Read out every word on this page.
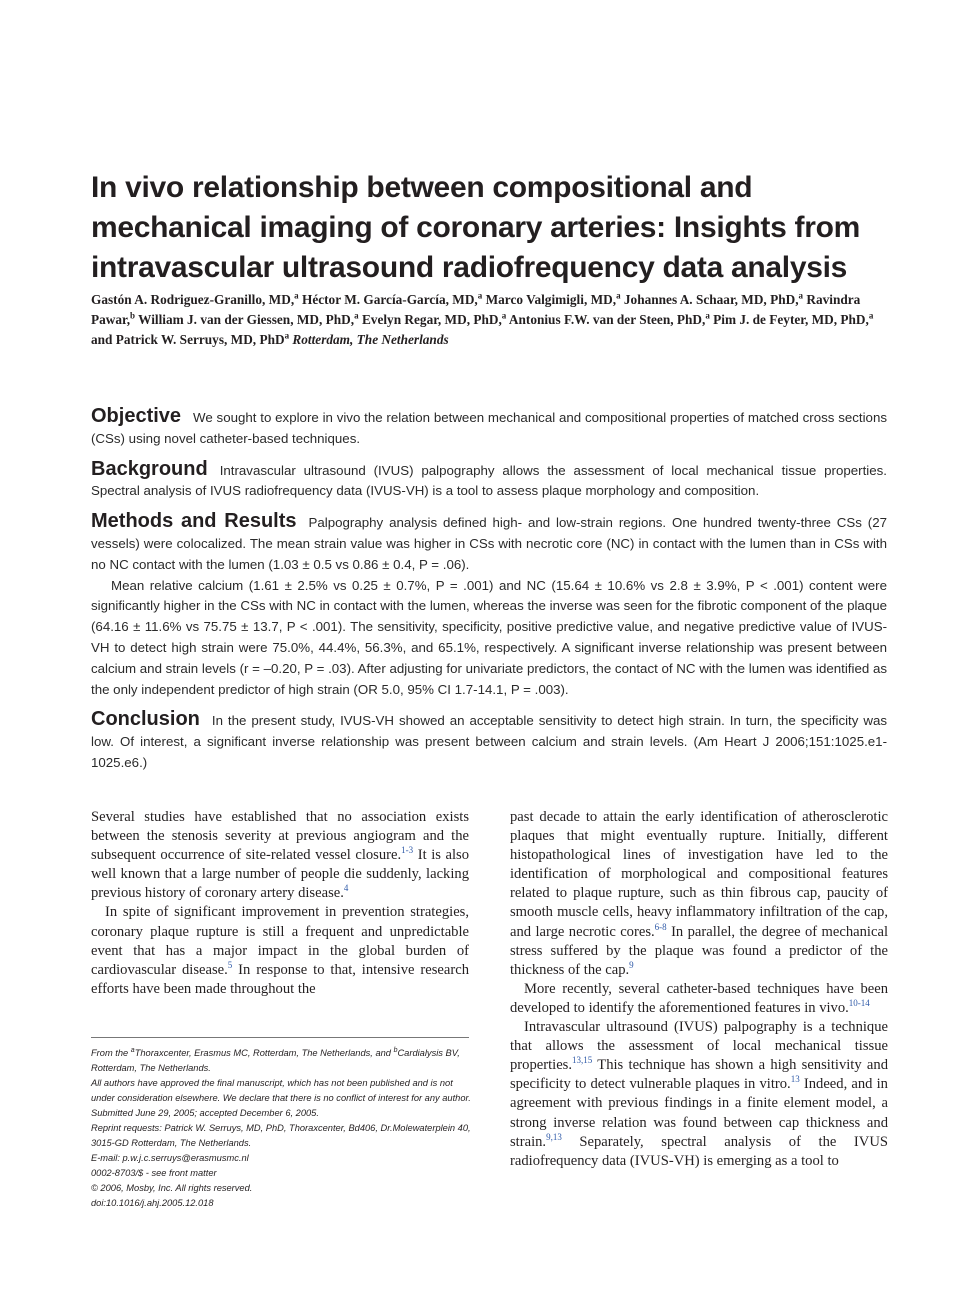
In vivo relationship between compositional and mechanical imaging of coronary arteries: Insights from intravascular ultrasound radiofrequency data analysis

Gastón A. Rodriguez-Granillo, MD,$^a$ Héctor M. García-García, MD,$^a$ Marco Valgimigli, MD,$^a$ Johannes A. Schaar, MD, PhD,$^a$ Ravindra Pawar,$^b$ William J. van der Giessen, MD, PhD,$^a$ Evelyn Regar, MD, PhD,$^a$ Antonius F.W. van der Steen, PhD,$^a$ Pim J. de Feyter, MD, PhD,$^a$ and Patrick W. Serruys, MD, PhD$^a$ Rotterdam, The Netherlands

Objective We sought to explore in vivo the relation between mechanical and compositional properties of matched cross sections (CSs) using novel catheter-based techniques.

Background Intravascular ultrasound (IVUS) palpography allows the assessment of local mechanical tissue properties. Spectral analysis of IVUS radiofrequency data (IVUS-VH) is a tool to assess plaque morphology and composition.

Methods and Results Palpography analysis defined high- and low-strain regions. One hundred twenty-three CSs (27 vessels) were colocalized. The mean strain value was higher in CSs with necrotic core (NC) in contact with the lumen than in CSs with no NC contact with the lumen (1.03 ± 0.5 vs 0.86 ± 0.4, P = .06).

Mean relative calcium (1.61 ± 2.5% vs 0.25 ± 0.7%, P = .001) and NC (15.64 ± 10.6% vs 2.8 ± 3.9%, P < .001) content were significantly higher in the CSs with NC in contact with the lumen, whereas the inverse was seen for the fibrotic component of the plaque (64.16 ± 11.6% vs 75.75 ± 13.7, P < .001). The sensitivity, specificity, positive predictive value, and negative predictive value of IVUS-VH to detect high strain were 75.0%, 44.4%, 56.3%, and 65.1%, respectively. A significant inverse relationship was present between calcium and strain levels (r = –0.20, P = .03). After adjusting for univariate predictors, the contact of NC with the lumen was identified as the only independent predictor of high strain (OR 5.0, 95% CI 1.7-14.1, P = .003).

Conclusion In the present study, IVUS-VH showed an acceptable sensitivity to detect high strain. In turn, the specificity was low. Of interest, a significant inverse relationship was present between calcium and strain levels. (Am Heart J 2006;151:1025.e1-1025.e6.)

Several studies have established that no association exists between the stenosis severity at previous angiogram and the subsequent occurrence of site-related vessel closure.$^{1-3}$ It is also well known that a large number of people die suddenly, lacking previous history of coronary artery disease.$^4$

In spite of significant improvement in prevention strategies, coronary plaque rupture is still a frequent and unpredictable event that has a major impact in the global burden of cardiovascular disease.$^5$ In response to that, intensive research efforts have been made throughout the

past decade to attain the early identification of atherosclerotic plaques that might eventually rupture. Initially, different histopathological lines of investigation have led to the identification of morphological and compositional features related to plaque rupture, such as thin fibrous cap, paucity of smooth muscle cells, heavy inflammatory infiltration of the cap, and large necrotic cores.$^{6-8}$ In parallel, the degree of mechanical stress suffered by the plaque was found a predictor of the thickness of the cap.$^9$

More recently, several catheter-based techniques have been developed to identify the aforementioned features in vivo.$^{10-14}$

Intravascular ultrasound (IVUS) palpography is a technique that allows the assessment of local mechanical tissue properties.$^{13,15}$ This technique has shown a high sensitivity and specificity to detect vulnerable plaques in vitro.$^{13}$ Indeed, and in agreement with previous findings in a finite element model, a strong inverse relation was found between cap thickness and strain.$^{9,13}$ Separately, spectral analysis of the IVUS radiofrequency data (IVUS-VH) is emerging as a tool to

From the $^a$Thoraxcenter, Erasmus MC, Rotterdam, The Netherlands, and $^b$Cardialysis BV, Rotterdam, The Netherlands.
All authors have approved the final manuscript, which has not been published and is not under consideration elsewhere. We declare that there is no conflict of interest for any author.
Submitted June 29, 2005; accepted December 6, 2005.
Reprint requests: Patrick W. Serruys, MD, PhD, Thoraxcenter, Bd406, Dr.Molewaterplein 40, 3015-GD Rotterdam, The Netherlands.
E-mail: p.w.j.c.serruys@erasmusmc.nl
0002-8703/$ - see front matter
© 2006, Mosby, Inc. All rights reserved.
doi:10.1016/j.ahj.2005.12.018
